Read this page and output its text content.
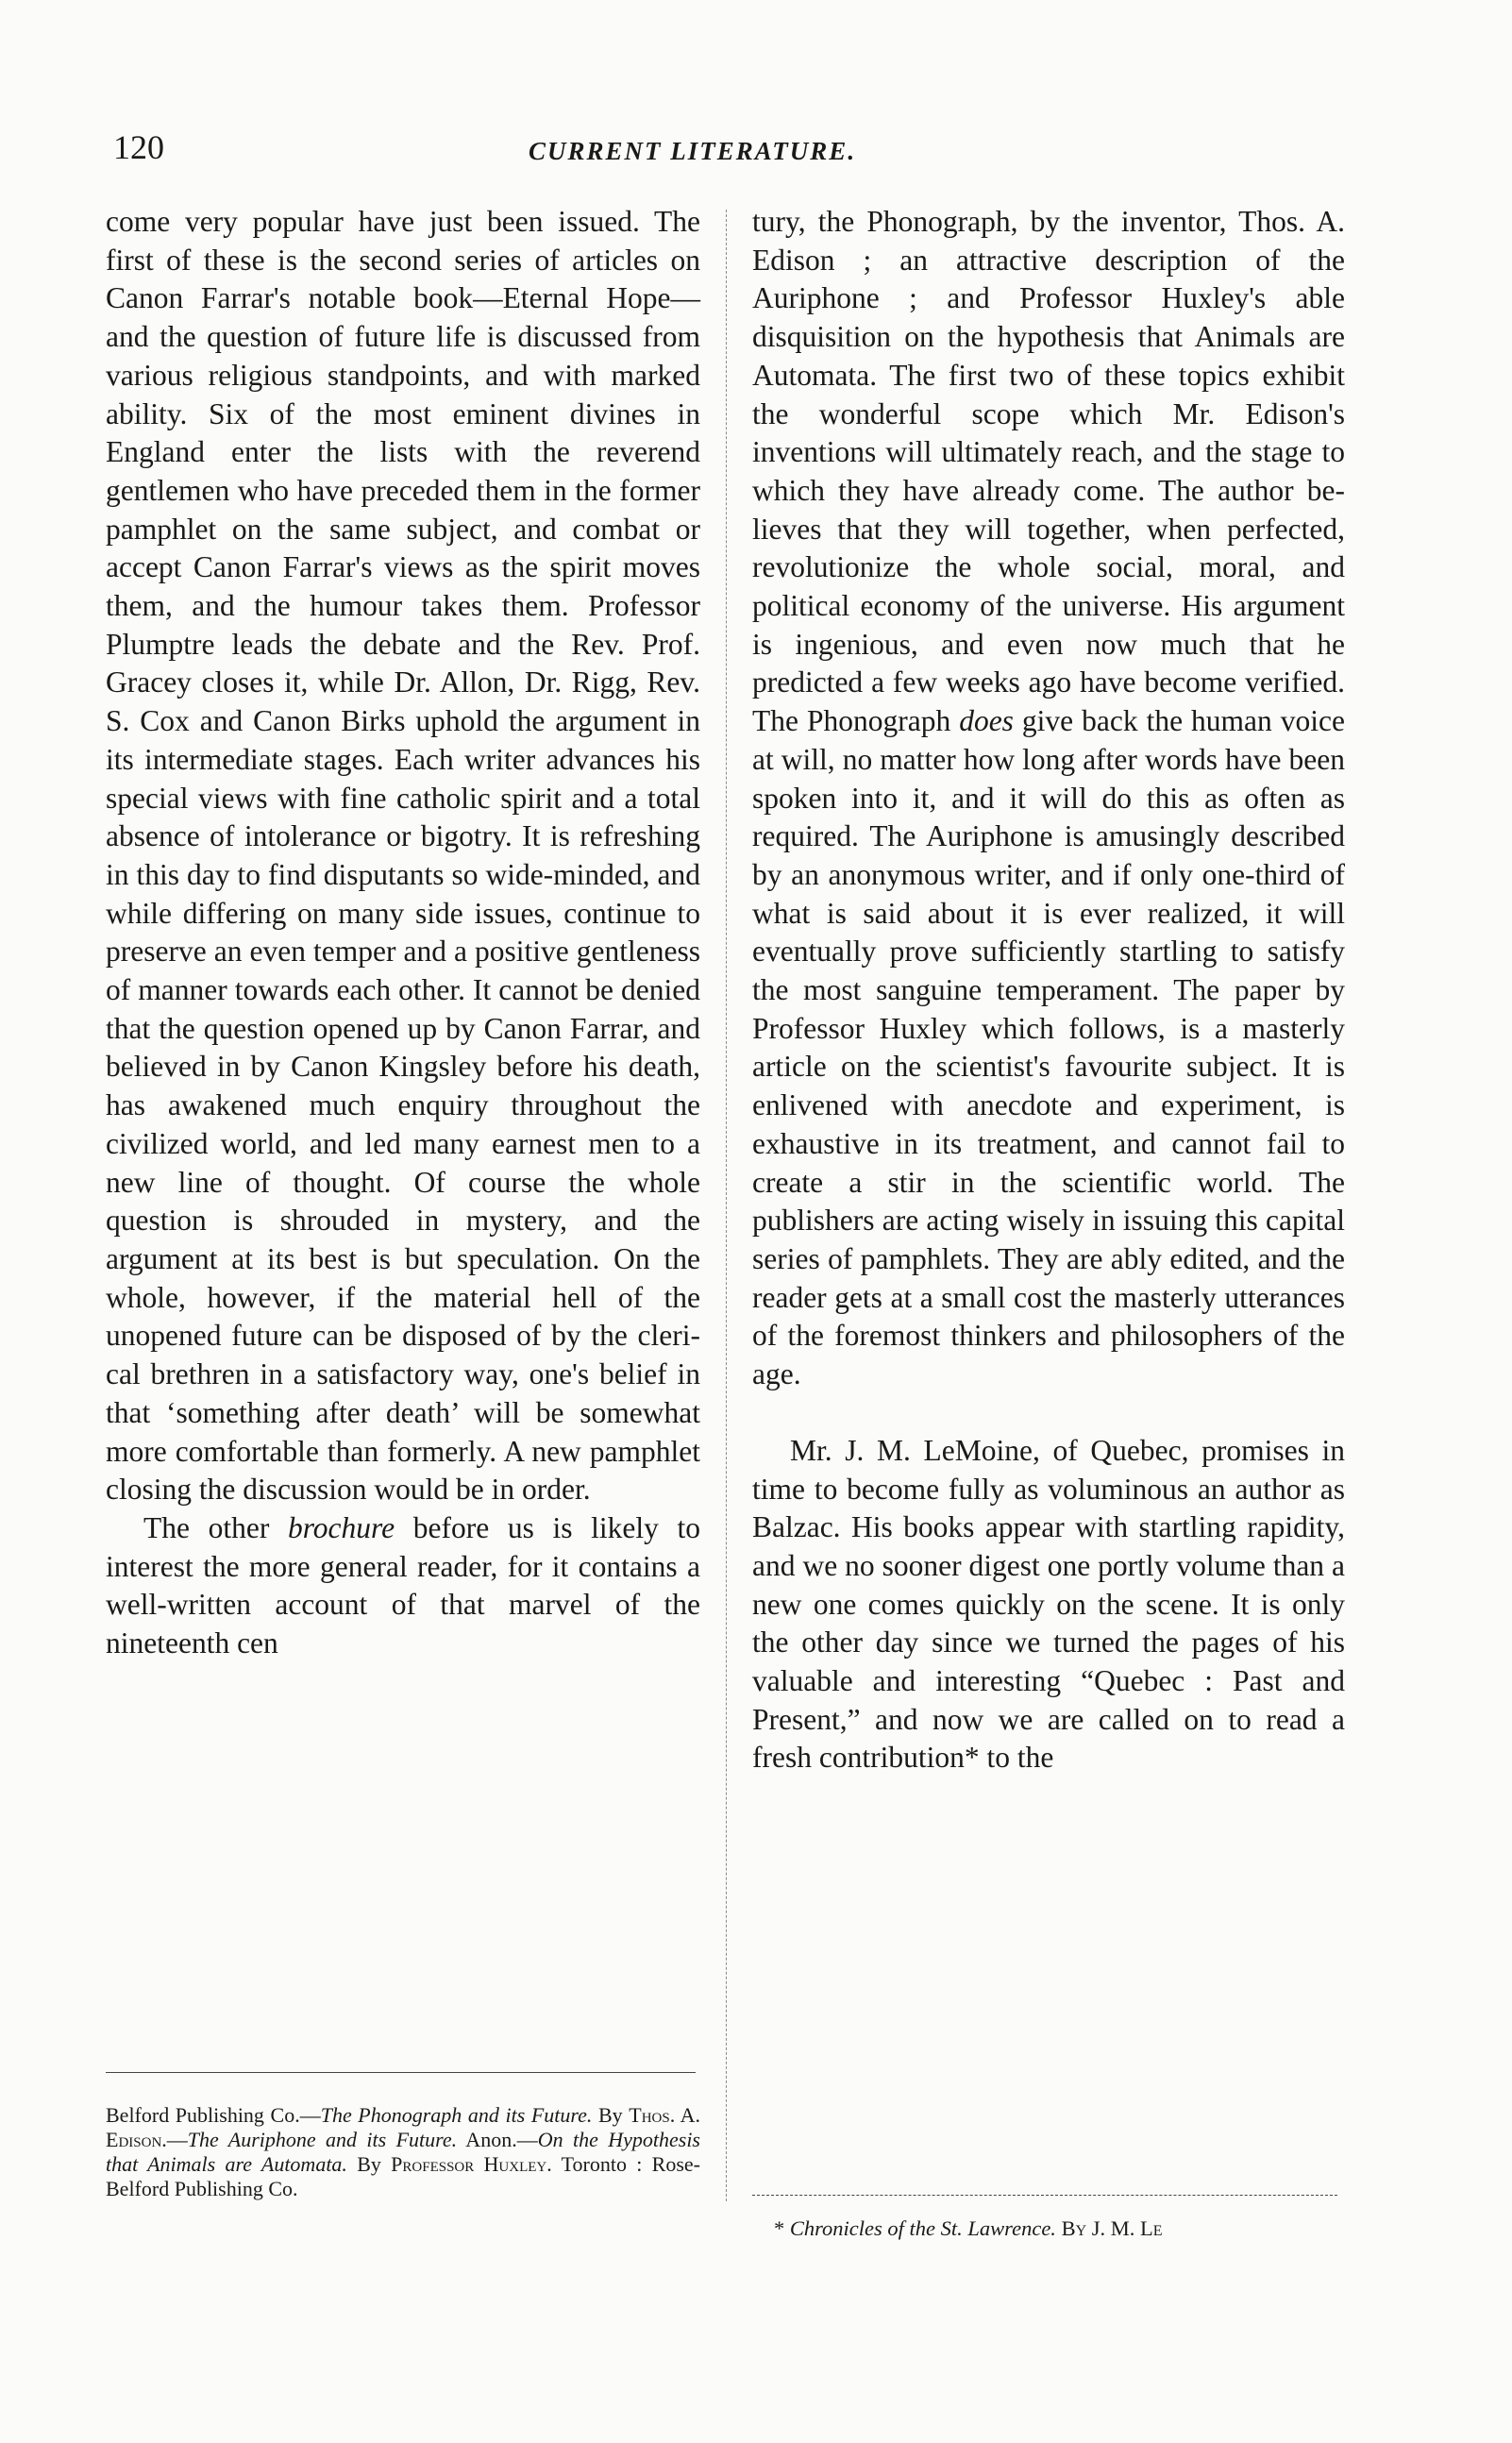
120	CURRENT LITERATURE.

come very popular have just been issued. The first of these is the second series of articles on Canon Farrar's notable book—Eternal Hope—and the question of future life is discussed from various religious standpoints, and with marked ability. Six of the most eminent divines in England enter the lists with the reverend gentlemen who have preceded them in the former pamphlet on the same subject, and combat or accept Canon Farrar's views as the spirit moves them, and the humour takes them. Professor Plumptre leads the debate and the Rev. Prof. Gracey closes it, while Dr. Allon, Dr. Rigg, Rev. S. Cox and Canon Birks uphold the argument in its intermediate stages. Each writer advances his special views with fine catholic spirit and a total absence of intolerance or bigotry. It is refreshing in this day to find disputants so wide-minded, and while differing on many side issues, continue to preserve an even temper and a positive gentleness of manner towards each other. It cannot be denied that the question opened up by Canon Farrar, and believed in by Canon Kingsley before his death, has awakened much enquiry throughout the civilized world, and led many earnest men to a new line of thought. Of course the whole question is shrouded in mystery, and the argument at its best is but speculation. On the whole, however, if the material hell of the unopened future can be disposed of by the clerical brethren in a satisfactory way, one's belief in that ‘something after death’ will be somewhat more comfortable than formerly. A new pamphlet closing the discussion would be in order.

The other brochure before us is likely to interest the more general reader, for it contains a well-written account of that marvel of the nineteenth cen

tury, the Phonograph, by the inventor, Thos. A. Edison ; an attractive description of the Auriphone ; and Professor Huxley's able disquisition on the hypothesis that Animals are Automata. The first two of these topics exhibit the wonderful scope which Mr. Edison's inventions will ultimately reach, and the stage to which they have already come. The author believes that they will together, when perfected, revolutionize the whole social, moral, and political economy of the universe. His argument is ingenious, and even now much that he predicted a few weeks ago have become verified. The Phonograph does give back the human voice at will, no matter how long after words have been spoken into it, and it will do this as often as required. The Auriphone is amusingly described by an anonymous writer, and if only one-third of what is said about it is ever realized, it will eventually prove sufficiently startling to satisfy the most sanguine temperament. The paper by Professor Huxley which follows, is a masterly article on the scientist's favourite subject. It is enlivened with anecdote and experiment, is exhaustive in its treatment, and cannot fail to create a stir in the scientific world. The publishers are acting wisely in issuing this capital series of pamphlets. They are ably edited, and the reader gets at a small cost the masterly utterances of the foremost thinkers and philosophers of the age.

Mr. J. M. LeMoine, of Quebec, promises in time to become fully as voluminous an author as Balzac. His books appear with startling rapidity, and we no sooner digest one portly volume than a new one comes quickly on the scene. It is only the other day since we turned the pages of his valuable and interesting “Quebec : Past and Present,” and now we are called on to read a fresh contribution* to the

Belford Publishing Co.—The Phonograph and its Future. By Thos. A. Edison.—The Auriphone and its Future. Anon.—On the Hypothesis that Animals are Automata. By Professor Huxley. Toronto : Rose-Belford Publishing Co.
* Chronicles of the St. Lawrence. By J. M. Le
